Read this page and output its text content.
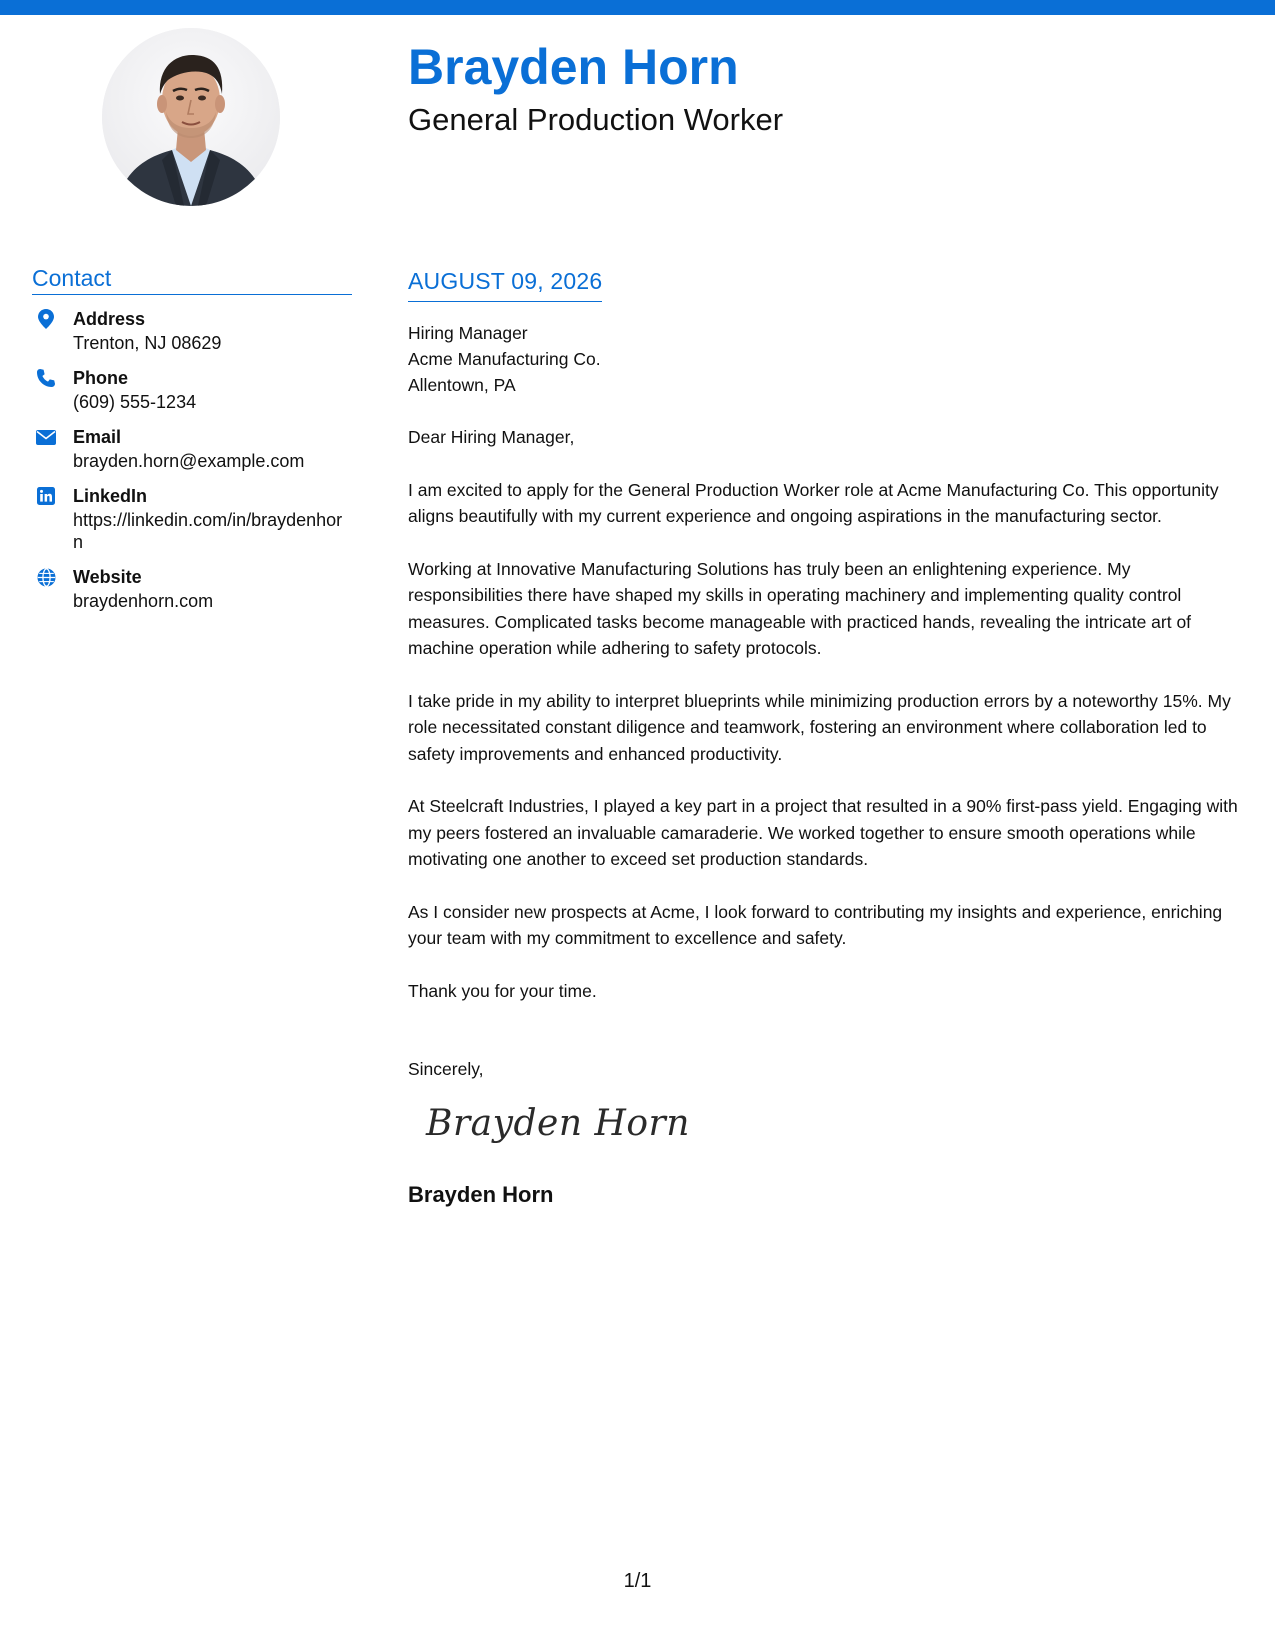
Brayden Horn
General Production Worker
Contact
Address
Trenton, NJ 08629
Phone
(609) 555-1234
Email
brayden.horn@example.com
LinkedIn
https://linkedin.com/in/braydenhorn
Website
braydenhorn.com
AUGUST 09, 2026
Hiring Manager
Acme Manufacturing Co.
Allentown, PA

Dear Hiring Manager,

I am excited to apply for the General Production Worker role at Acme Manufacturing Co. This opportunity aligns beautifully with my current experience and ongoing aspirations in the manufacturing sector.

Working at Innovative Manufacturing Solutions has truly been an enlightening experience. My responsibilities there have shaped my skills in operating machinery and implementing quality control measures. Complicated tasks become manageable with practiced hands, revealing the intricate art of machine operation while adhering to safety protocols.

I take pride in my ability to interpret blueprints while minimizing production errors by a noteworthy 15%. My role necessitated constant diligence and teamwork, fostering an environment where collaboration led to safety improvements and enhanced productivity.

At Steelcraft Industries, I played a key part in a project that resulted in a 90% first-pass yield. Engaging with my peers fostered an invaluable camaraderie. We worked together to ensure smooth operations while motivating one another to exceed set production standards.

As I consider new prospects at Acme, I look forward to contributing my insights and experience, enriching your team with my commitment to excellence and safety.

Thank you for your time.

Sincerely,
Brayden Horn
Brayden Horn
1/1
